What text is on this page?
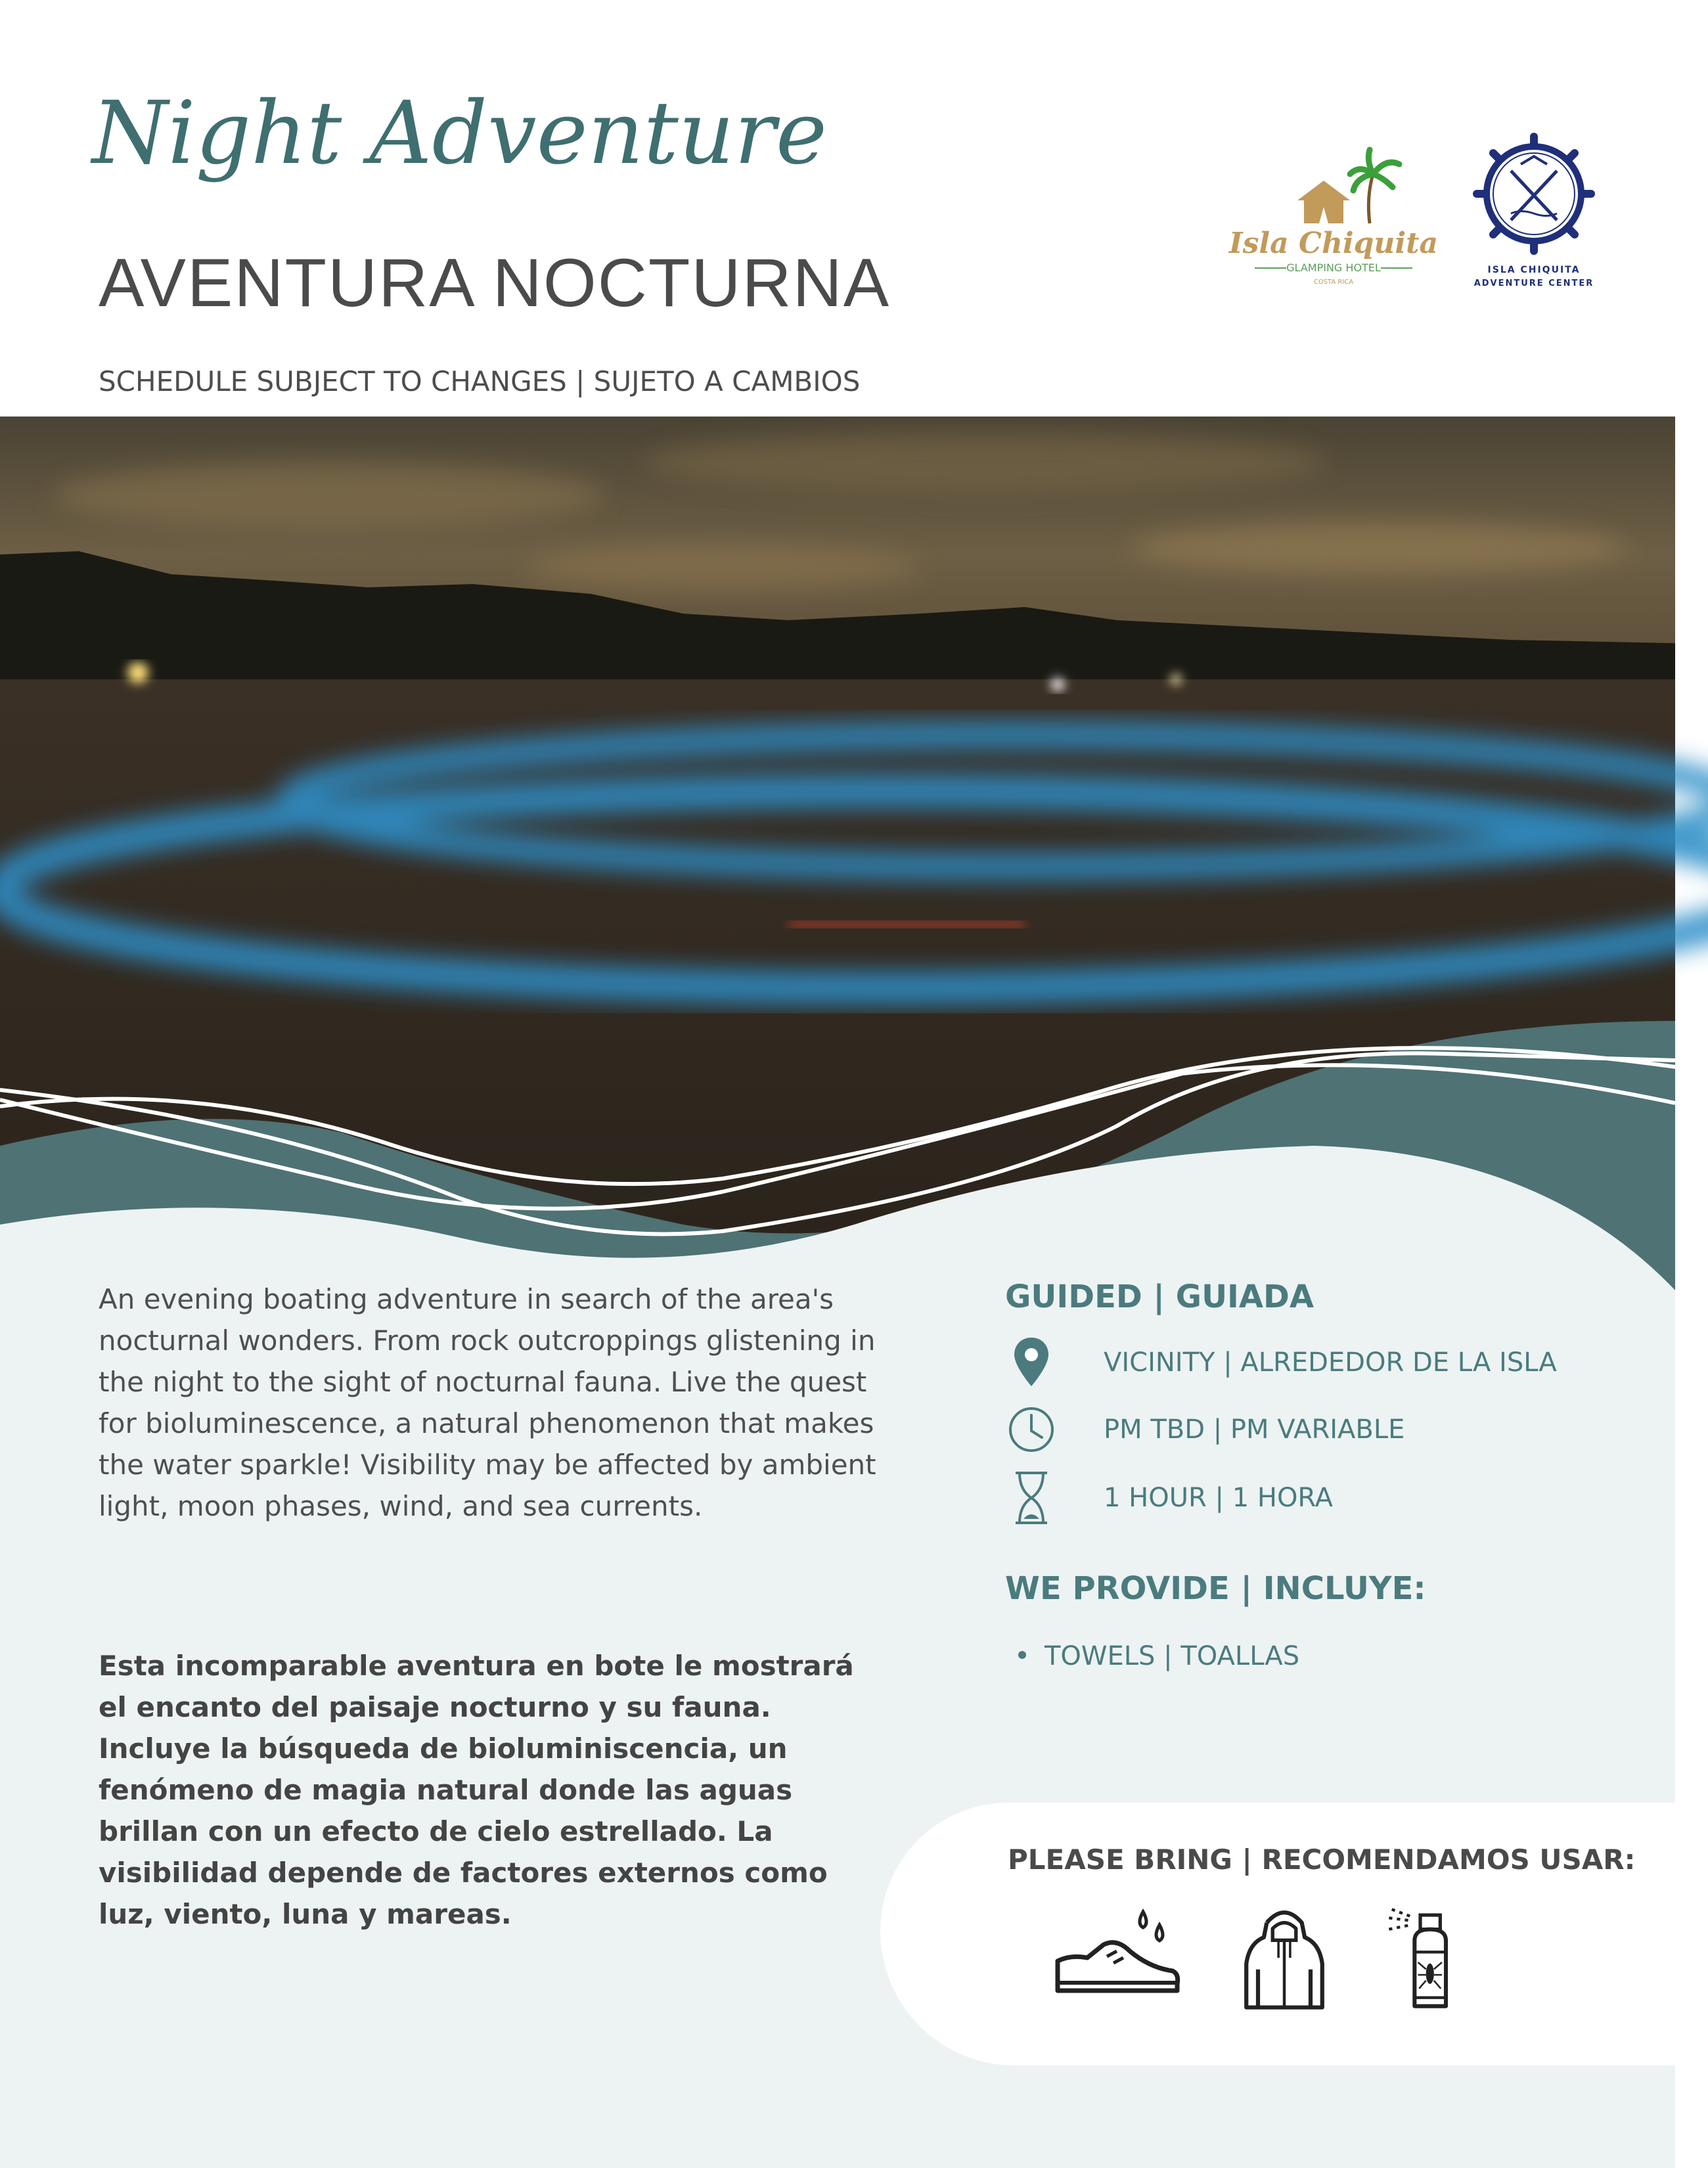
Night Adventure
AVENTURA NOCTURNA
SCHEDULE SUBJECT TO CHANGES | SUJETO A CAMBIOS
Isla Chiquita
GLAMPING HOTEL
COSTA RICA
ISLA CHIQUITA
ADVENTURE CENTER
An evening boating adventure in search of the area's nocturnal wonders. From rock outcroppings glistening in the night to the sight of nocturnal fauna. Live the quest for bioluminescence, a natural phenomenon that makes the water sparkle! Visibility may be affected by ambient light, moon phases, wind, and sea currents.
Esta incomparable aventura en bote le mostrará el encanto del paisaje nocturno y su fauna. Incluye la búsqueda de bioluminiscencia, un fenómeno de magia natural donde las aguas brillan con un efecto de cielo estrellado. La visibilidad depende de factores externos como luz, viento, luna y mareas.
GUIDED | GUIADA
VICINITY | ALREDEDOR DE LA ISLA
PM TBD | PM VARIABLE
1 HOUR | 1 HORA
WE PROVIDE | INCLUYE:
TOWELS | TOALLAS
PLEASE BRING | RECOMENDAMOS USAR:
